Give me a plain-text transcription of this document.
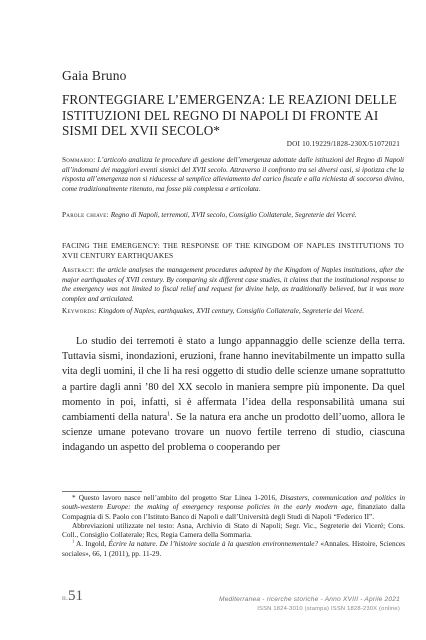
Gaia Bruno
FRONTEGGIARE L’EMERGENZA: LE REAZIONI DELLE ISTITUZIONI DEL REGNO DI NAPOLI DI FRONTE AI SISMI DEL XVII SECOLO*
DOI 10.19229/1828-230X/51072021
Sommario: L’articolo analizza le procedure di gestione dell’emergenza adottate dalle istituzioni del Regno di Napoli all’indomani dei maggiori eventi sismici del XVII secolo. Attraverso il confronto tra sei diversi casi, si ipotizza che la risposta all’emergenza non si riducesse al semplice alleviamento del carico fiscale e alla richiesta di soccorso divino, come tradizionalmente ritenuto, ma fosse più complessa e articolata.
Parole chiave: Regno di Napoli, terremoti, XVII secolo, Consiglio Collaterale, Segreterie dei Viceré.
FACING THE EMERGENCY: THE RESPONSE OF THE KINGDOM OF NAPLES INSTITUTIONS TO XVII CENTURY EARTHQUAKES
Abstract: the article analyses the management procedures adopted by the Kingdom of Naples institutions, after the major earthquakes of XVII century. By comparing six different case studies, it claims that the institutional response to the emergency was not limited to fiscal relief and request for divine help, as traditionally believed, but it was more complex and articulated.
Keywords: Kingdom of Naples, earthquakes, XVII century, Consiglio Collaterale, Segreterie dei Viceré.
Lo studio dei terremoti è stato a lungo appannaggio delle scienze della terra. Tuttavia sismi, inondazioni, eruzioni, frane hanno inevitabilmente un impatto sulla vita degli uomini, il che li ha resi oggetto di studio delle scienze umane soprattutto a partire dagli anni ’80 del XX secolo in maniera sempre più imponente. Da quel momento in poi, infatti, si è affermata l’idea della responsabilità umana sui cambiamenti della natura$^1$. Se la natura era anche un prodotto dell’uomo, allora le scienze umane potevano trovare un nuovo fertile terreno di studio, ciascuna indagando un aspetto del problema o cooperando per

* Questo lavoro nasce nell’ambito del progetto Star Linea 1-2016, Disasters, communication and politics in south-western Europe: the making of emergency response policies in the early modern age, finanziato dalla Compagnia di S. Paolo con l’Istituto Banco di Napoli e dall’Università degli Studi di Napoli “Federico II”.

Abbreviazioni utilizzate nel testo: Asna, Archivio di Stato di Napoli; Segr. Vic., Segreterie dei Viceré; Cons. Coll., Consiglio Collaterale; Rcs, Regia Camera della Sommaria.

$^1$ A. Ingold, Écrire la nature. De l’histoire sociale à la question environnementale? «Annales. Histoire, Sciences sociales», 66, 1 (2011), pp. 11-29.

n.51	Mediterranea - ricerche storiche - Anno XVIII - Aprile 2021
ISSN 1824-3010 (stampa) ISSN 1828-230X (online)
